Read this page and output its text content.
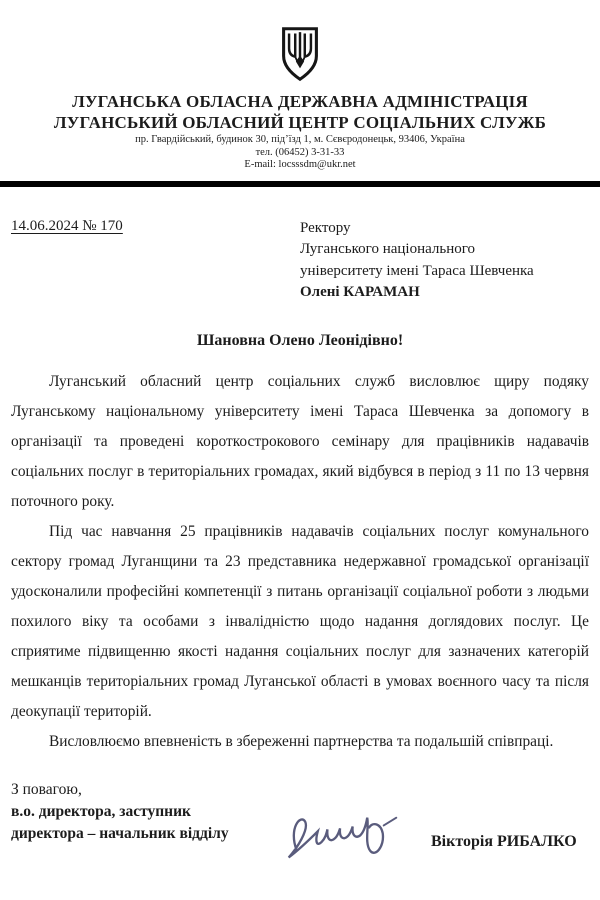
ЛУГАНСЬКА ОБЛАСНА ДЕРЖАВНА АДМІНІСТРАЦІЯ
ЛУГАНСЬКИЙ ОБЛАСНИЙ ЦЕНТР СОЦІАЛЬНИХ СЛУЖБ
пр. Гвардійський, будинок 30, під’їзд 1, м. Сєвєродонецьк, 93406, Україна
тел. (06452) 3-31-33
E-mail: locsssdm@ukr.net
14.06.2024 № 170	Ректору
Луганського національного
університету імені Тараса Шевченка
Олені КАРАМАН
Шановна Олено Леонідівно!

Луганський обласний центр соціальних служб висловлює щиру подяку Луганському національному університету імені Тараса Шевченка за допомогу в організації та проведені короткострокового семінару для працівників надавачів соціальних послуг в територіальних громадах, який відбувся в період з 11 по 13 червня поточного року.

Під час навчання 25 працівників надавачів соціальних послуг комунального сектору громад Луганщини та 23 представника недержавної громадської організації удосконалили професійні компетенції з питань організації соціальної роботи з людьми похилого віку та особами з інвалідністю щодо надання доглядових послуг. Це сприятиме підвищенню якості надання соціальних послуг для зазначених категорій мешканців територіальних громад Луганської області в умовах воєнного часу та після деокупації територій.

Висловлюємо впевненість в збереженні партнерства та подальшій співпраці.

З повагою,
в.о. директора, заступник
директора – начальник відділу	Вікторія РИБАЛКО
